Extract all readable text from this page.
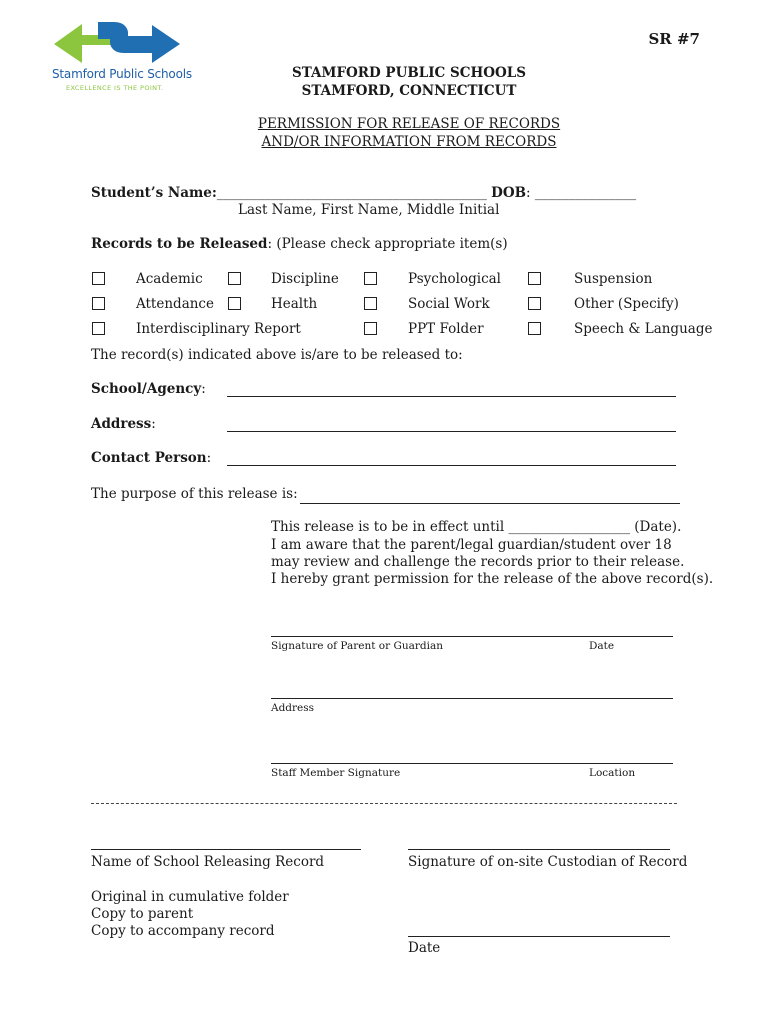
Stamford Public Schools
EXCELLENCE IS THE POINT.
SR #7
STAMFORD PUBLIC SCHOOLS
STAMFORD, CONNECTICUT
PERMISSION FOR RELEASE OF RECORDS
AND/OR INFORMATION FROM RECORDS
Student’s Name:________________________________________ DOB: _______________
Last Name, First Name, Middle Initial
Records to be Released: (Please check appropriate item(s)
Academic	Discipline	Psychological	Suspension
Attendance	Health	Social Work	Other (Specify)
Interdisciplinary Report	PPT Folder	Speech & Language
The record(s) indicated above is/are to be released to:
School/Agency:
Address:
Contact Person:
The purpose of this release is:
This release is to be in effect until __________________ (Date).
I am aware that the parent/legal guardian/student over 18
may review and challenge the records prior to their release.
I hereby grant permission for the release of the above record(s).
Signature of Parent or Guardian	Date
Address
Staff Member Signature	Location
Name of School Releasing Record	Signature of on-site Custodian of Record
Original in cumulative folder
Copy to parent
Copy to accompany record
Date
